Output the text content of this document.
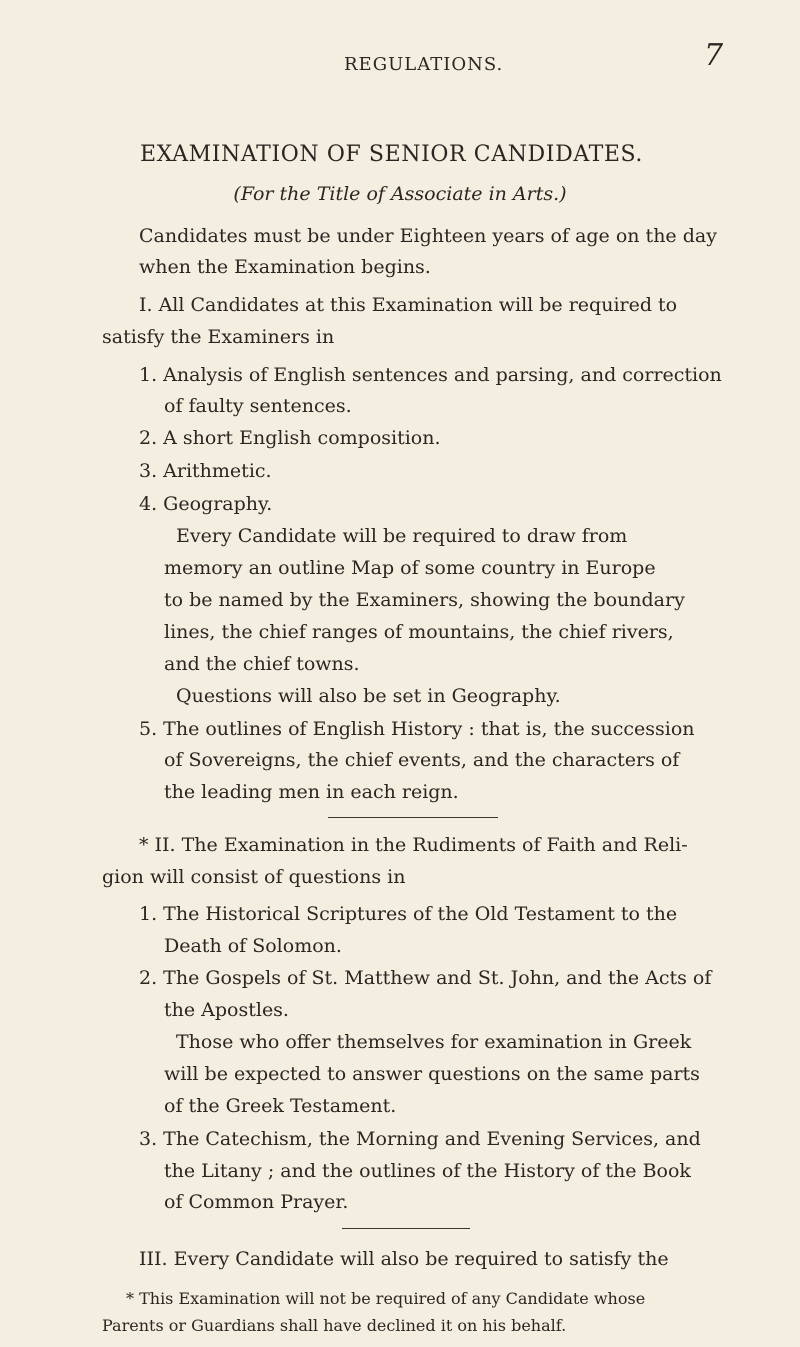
REGULATIONS.	7
EXAMINATION OF SENIOR CANDIDATES.
(For the Title of Associate in Arts.)
Candidates must be under Eighteen years of age on the day
when the Examination begins.
I. All Candidates at this Examination will be required to
satisfy the Examiners in
1. Analysis of English sentences and parsing, and correction
of faulty sentences.
2. A short English composition.
3. Arithmetic.
4. Geography.
Every Candidate will be required to draw from
memory an outline Map of some country in Europe
to be named by the Examiners, showing the boundary
lines, the chief ranges of mountains, the chief rivers,
and the chief towns.
Questions will also be set in Geography.
5. The outlines of English History : that is, the succession
of Sovereigns, the chief events, and the characters of
the leading men in each reign.
* II. The Examination in the Rudiments of Faith and Reli-
gion will consist of questions in
1. The Historical Scriptures of the Old Testament to the
Death of Solomon.
2. The Gospels of St. Matthew and St. John, and the Acts of
the Apostles.
Those who offer themselves for examination in Greek
will be expected to answer questions on the same parts
of the Greek Testament.
3. The Catechism, the Morning and Evening Services, and
the Litany ; and the outlines of the History of the Book
of Common Prayer.
III. Every Candidate will also be required to satisfy the
* This Examination will not be required of any Candidate whose
Parents or Guardians shall have declined it on his behalf.
